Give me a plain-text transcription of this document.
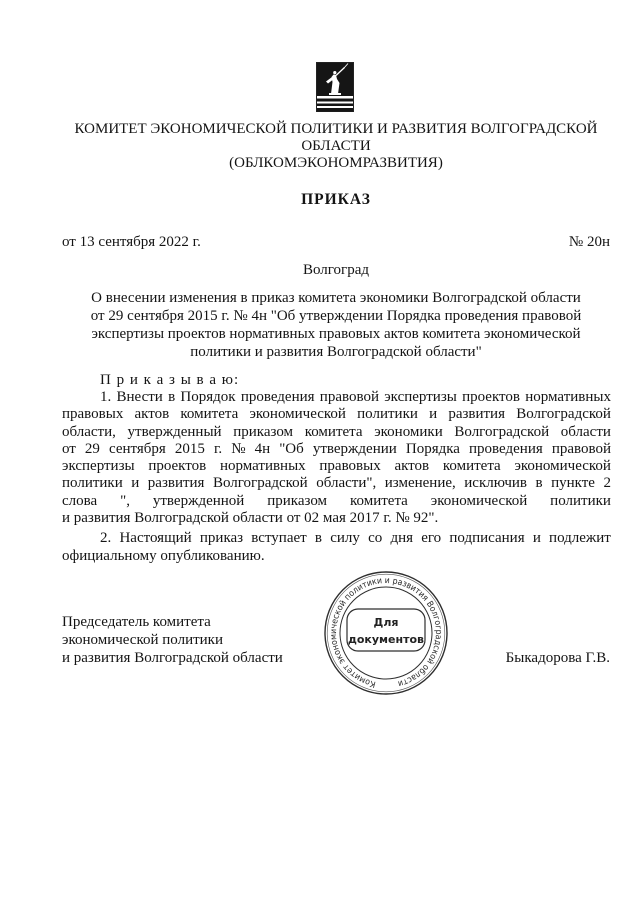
КОМИТЕТ ЭКОНОМИЧЕСКОЙ ПОЛИТИКИ И РАЗВИТИЯ ВОЛГОГРАДСКОЙ
ОБЛАСТИ
(ОБЛКОМЭКОНОМРАЗВИТИЯ)
ПРИКАЗ
от 13 сентября 2022 г.	№ 20н
Волгоград
О внесении изменения в приказ комитета экономики Волгоградской области
от 29 сентября 2015 г. № 4н "Об утверждении Порядка проведения правовой
экспертизы проектов нормативных правовых актов комитета экономической
политики и развития Волгоградской области"
П р и к а з ы в а ю:
1. Внести в Порядок проведения правовой экспертизы проектов нормативных
правовых актов комитета экономической политики и развития Волгоградской
области, утвержденный приказом комитета экономики Волгоградской области
от 29 сентября 2015 г. № 4н "Об утверждении Порядка проведения правовой
экспертизы проектов нормативных правовых актов комитета экономической
политики и развития Волгоградской области", изменение, исключив в пункте 2
слова ", утвержденной приказом комитета экономической политики
и развития Волгоградской области от 02 мая 2017 г. № 92".
2. Настоящий приказ вступает в силу со дня его подписания и подлежит
официальному опубликованию.
Председатель комитета
экономической политики
и развития Волгоградской области	Быкадорова Г.В.
Комитет экономической политики и развития Волгоградской области
Для
документов
